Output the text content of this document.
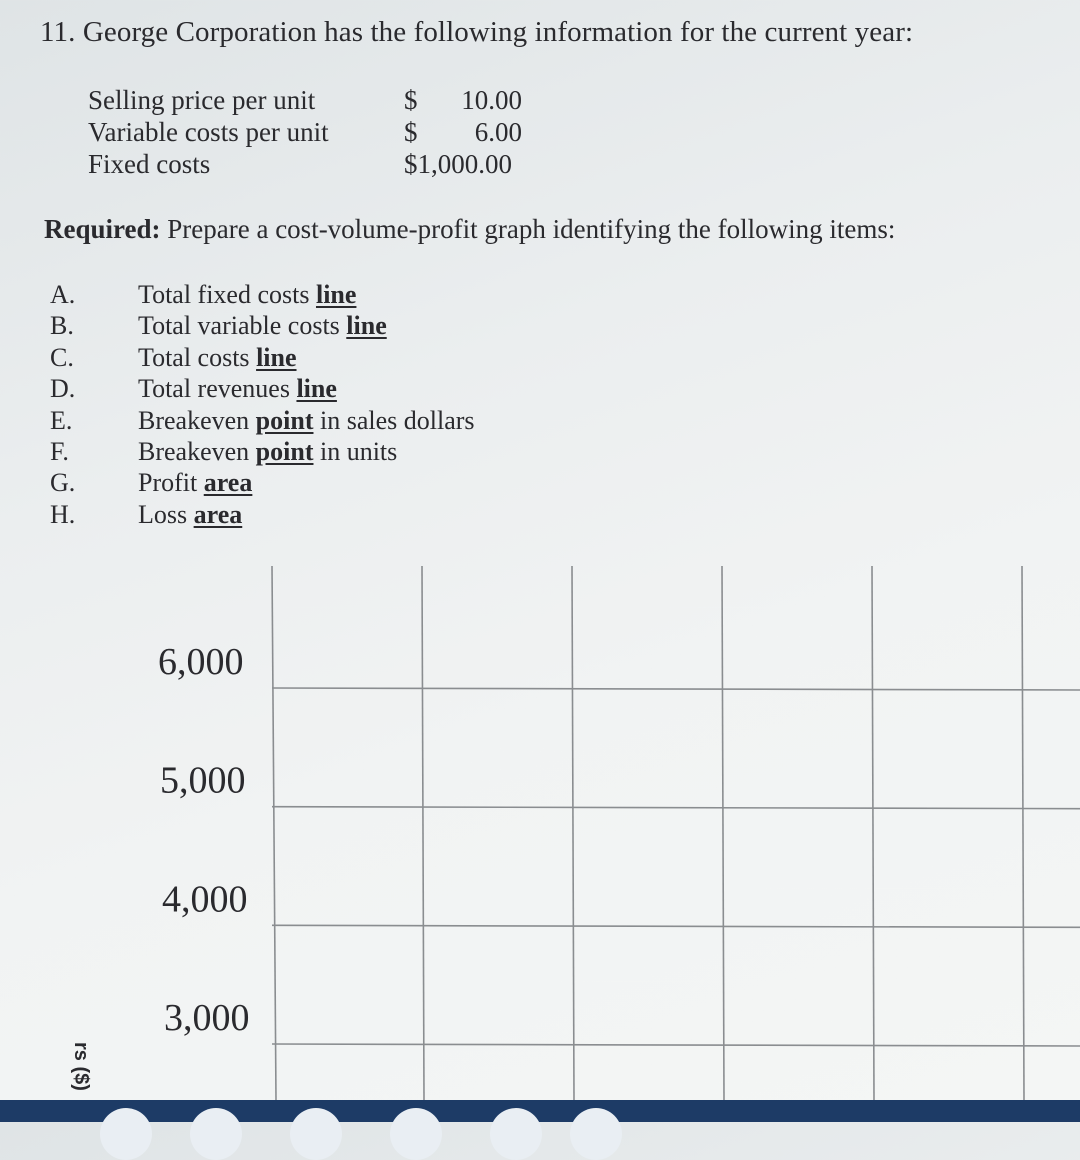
11. George Corporation has the following information for the current year:
Selling price per unit	$ 10.00
Variable costs per unit	$ 6.00
Fixed costs	$1,000.00
Required: Prepare a cost-volume-profit graph identifying the following items:
A. Total fixed costs line
B. Total variable costs line
C. Total costs line
D. Total revenues line
E.	Breakeven point in sales dollars
F.	Breakeven point in units
G. Profit area
H. Loss area
6,000
5,000
4,000
3,000
rs ($)
